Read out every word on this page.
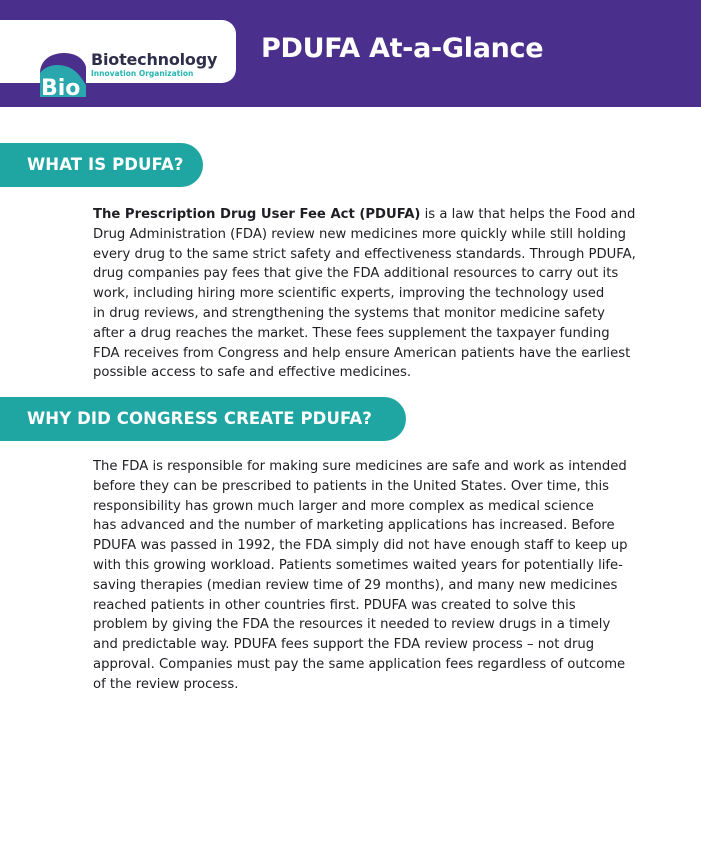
Bio
Biotechnology
Innovation Organization
PDUFA At-a-Glance
WHAT IS PDUFA?
The Prescription Drug User Fee Act (PDUFA) is a law that helps the Food and
Drug Administration (FDA) review new medicines more quickly while still holding
every drug to the same strict safety and effectiveness standards. Through PDUFA,
drug companies pay fees that give the FDA additional resources to carry out its
work, including hiring more scientific experts, improving the technology used
in drug reviews, and strengthening the systems that monitor medicine safety
after a drug reaches the market. These fees supplement the taxpayer funding
FDA receives from Congress and help ensure American patients have the earliest
possible access to safe and effective medicines.
WHY DID CONGRESS CREATE PDUFA?
The FDA is responsible for making sure medicines are safe and work as intended
before they can be prescribed to patients in the United States. Over time, this
responsibility has grown much larger and more complex as medical science
has advanced and the number of marketing applications has increased. Before
PDUFA was passed in 1992, the FDA simply did not have enough staff to keep up
with this growing workload. Patients sometimes waited years for potentially life-
saving therapies (median review time of 29 months), and many new medicines
reached patients in other countries first. PDUFA was created to solve this
problem by giving the FDA the resources it needed to review drugs in a timely
and predictable way. PDUFA fees support the FDA review process – not drug
approval. Companies must pay the same application fees regardless of outcome
of the review process.
